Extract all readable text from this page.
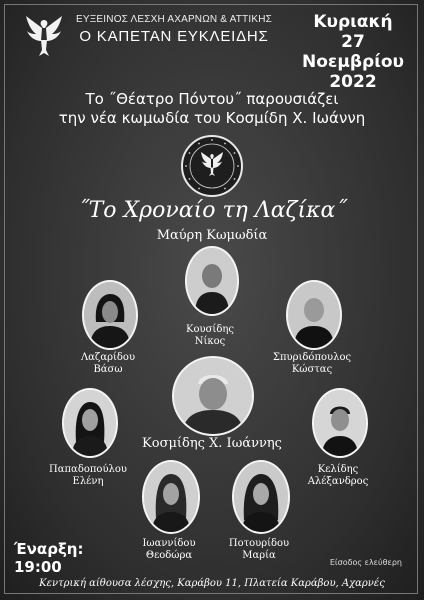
ΕΥΞΕΙΝΟΣ ΛΕΣΧΗ ΑΧΑΡΝΩΝ & ΑΤΤΙΚΗΣ
Ο ΚΑΠΕΤΑΝ ΕΥΚΛΕΙΔΗΣ
Κυριακή
27 Νοεμβρίου
2022
Το ˝Θέατρο Πόντου˝ παρουσιάζει
την νέα κωμωδία του Κοσμίδη Χ. Ιωάννη
˝Το Χροναίο τη Λαζίκα˝
Μαύρη Κωμωδία
Κουσίδης
Νίκος
Λαζαρίδου
Βάσω
Σπυριδόπουλος
Κώστας
Κοσμίδης Χ. Ιωάννης
Παπαδοπούλου
Ελένη
Κελίδης
Αλέξανδρος
Ιωαννίδου
Θεοδώρα
Ποτουρίδου
Μαρία
Έναρξη:
19:00	Είσοδος ελεύθερη
Κεντρική αίθουσα λέσχης, Καράβου 11, Πλατεία Καράβου, Αχαρνές
